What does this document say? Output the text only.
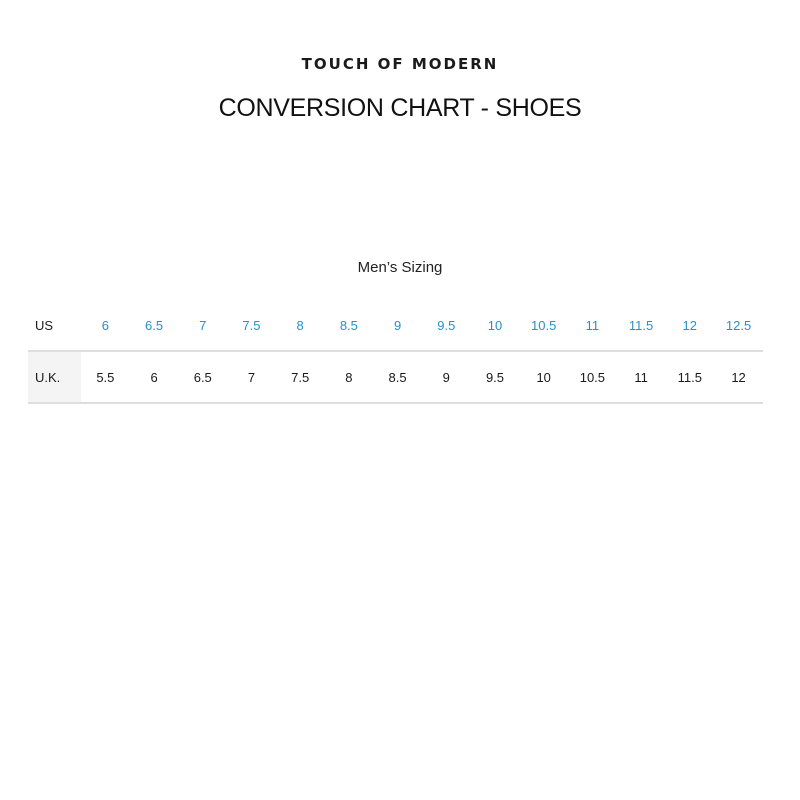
TOUCH OF MODERN
CONVERSION CHART - SHOES
Men’s Sizing
US	6	6.5	7	7.5	8	8.5	9	9.5	10	10.5	11	11.5	12	12.5
U.K.	5.5	6	6.5	7	7.5	8	8.5	9	9.5	10	10.5	11	11.5	12
